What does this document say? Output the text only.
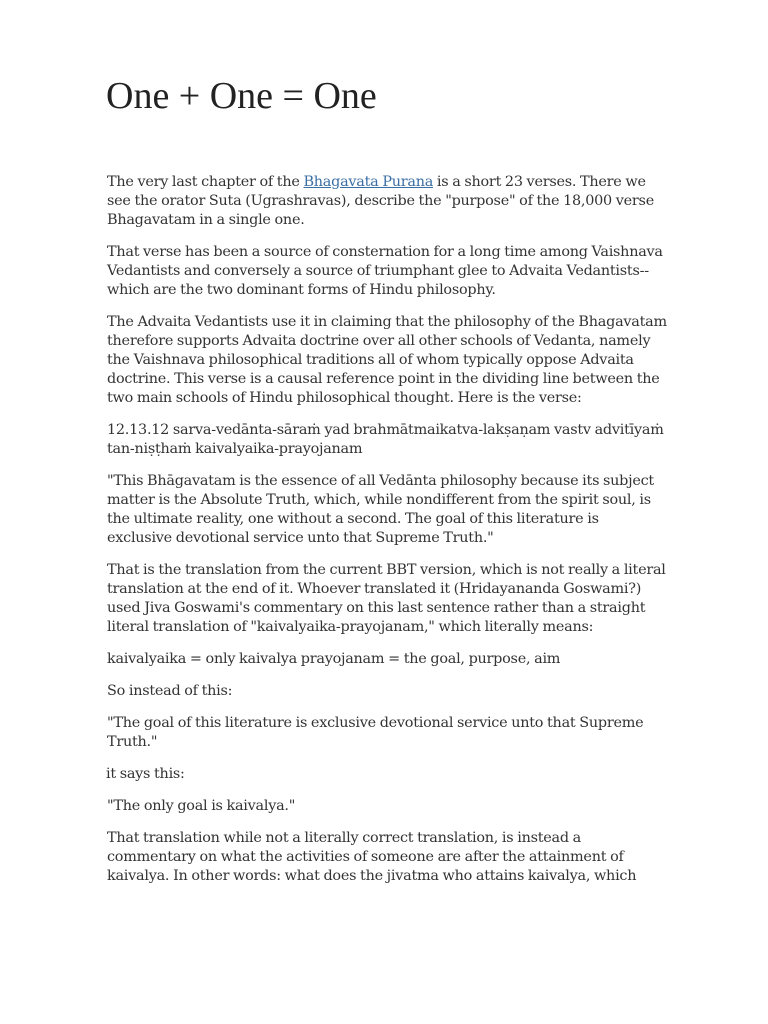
One + One = One

The very last chapter of the Bhagavata Purana is a short 23 verses. There we see the orator Suta (Ugrashravas), describe the "purpose" of the 18,000 verse Bhagavatam in a single one.

That verse has been a source of consternation for a long time among Vaishnava Vedantists and conversely a source of triumphant glee to Advaita Vedantists--which are the two dominant forms of Hindu philosophy.

The Advaita Vedantists use it in claiming that the philosophy of the Bhagavatam therefore supports Advaita doctrine over all other schools of Vedanta, namely the Vaishnava philosophical traditions all of whom typically oppose Advaita doctrine. This verse is a causal reference point in the dividing line between the two main schools of Hindu philosophical thought. Here is the verse:

12.13.12 sarva-vedānta-sāraṁ yad brahmātmaikatva-lakṣaṇam vastv advitīyaṁ tan-niṣṭhaṁ kaivalyaika-prayojanam

"This Bhāgavatam is the essence of all Vedānta philosophy because its subject matter is the Absolute Truth, which, while nondifferent from the spirit soul, is the ultimate reality, one without a second. The goal of this literature is exclusive devotional service unto that Supreme Truth."

That is the translation from the current BBT version, which is not really a literal translation at the end of it. Whoever translated it (Hridayananda Goswami?) used Jiva Goswami's commentary on this last sentence rather than a straight literal translation of "kaivalyaika-prayojanam," which literally means:

kaivalyaika = only kaivalya prayojanam = the goal, purpose, aim

So instead of this:

"The goal of this literature is exclusive devotional service unto that Supreme Truth."

it says this:

"The only goal is kaivalya."

That translation while not a literally correct translation, is instead a commentary on what the activities of someone are after the attainment of kaivalya. In other words: what does the jivatma who attains kaivalya, which
